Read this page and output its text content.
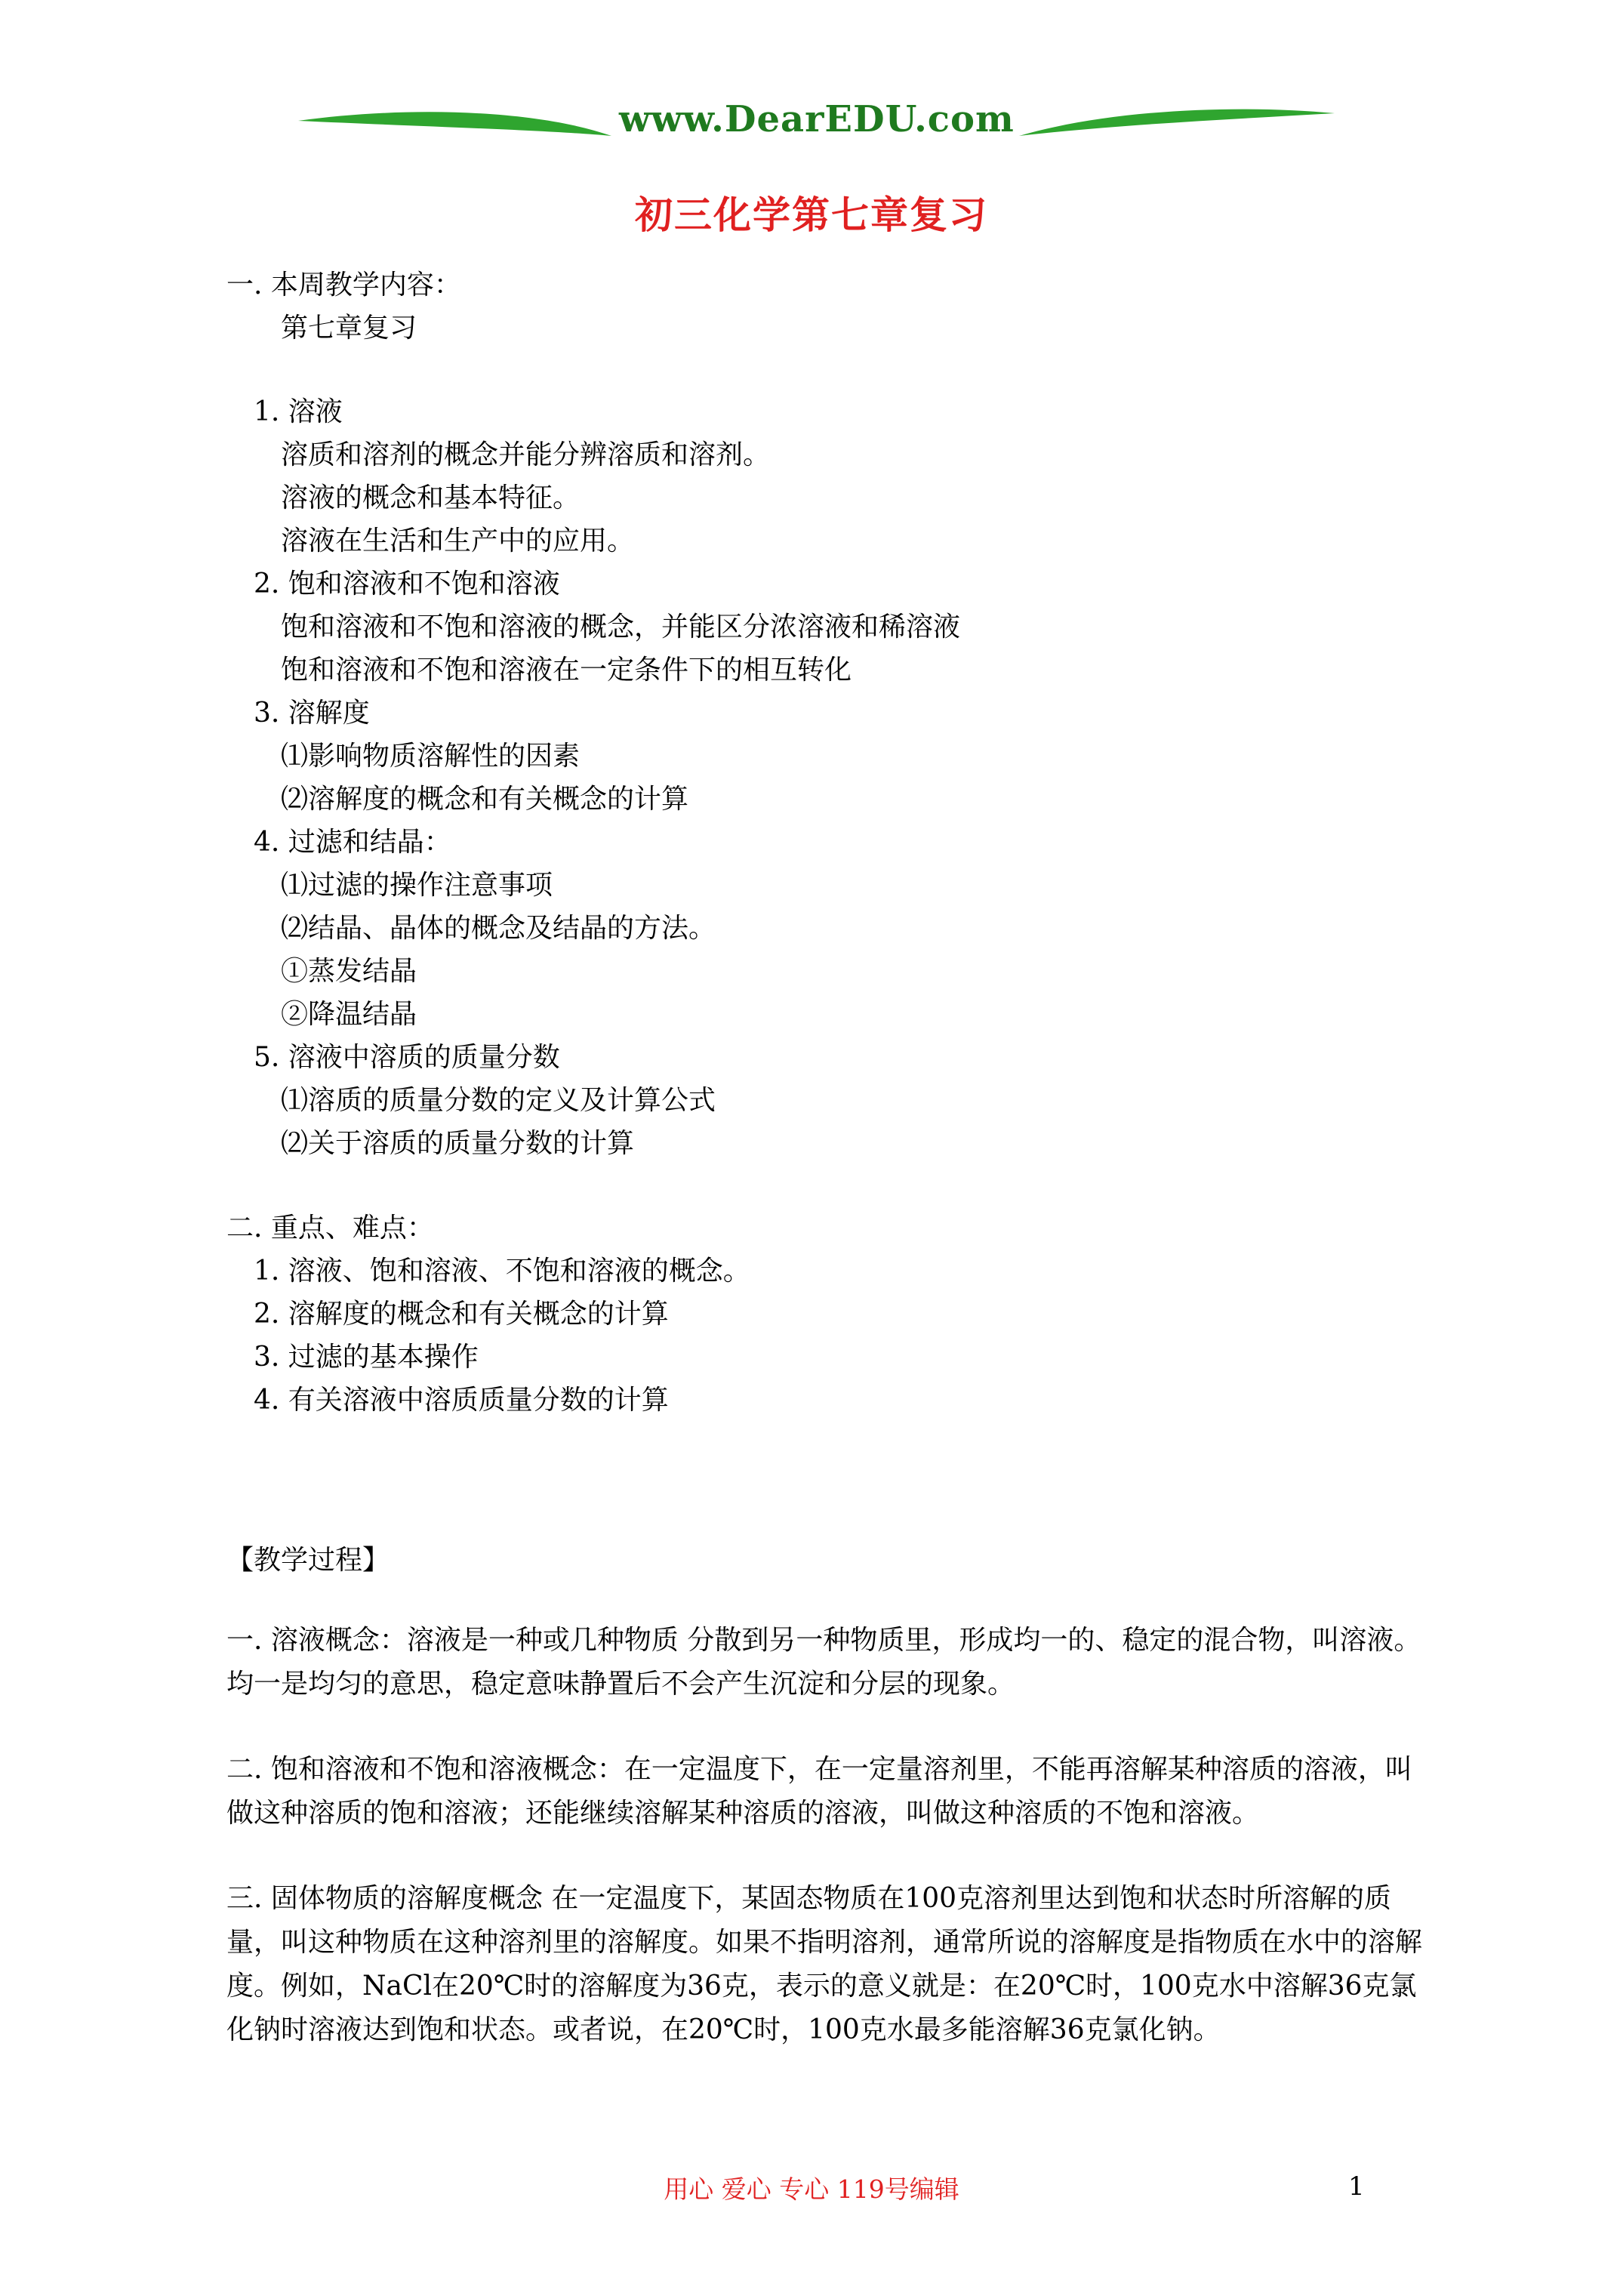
www.DearEDU.com
初三化学第七章复习
一. 本周教学内容：
第七章复习
1. 溶液
溶质和溶剂的概念并能分辨溶质和溶剂。
溶液的概念和基本特征。
溶液在生活和生产中的应用。
2. 饱和溶液和不饱和溶液
饱和溶液和不饱和溶液的概念，并能区分浓溶液和稀溶液
饱和溶液和不饱和溶液在一定条件下的相互转化
3. 溶解度
⑴影响物质溶解性的因素
⑵溶解度的概念和有关概念的计算
4. 过滤和结晶：
⑴过滤的操作注意事项
⑵结晶、晶体的概念及结晶的方法。
①蒸发结晶
②降温结晶
5. 溶液中溶质的质量分数
⑴溶质的质量分数的定义及计算公式
⑵关于溶质的质量分数的计算
二. 重点、难点：
1. 溶液、饱和溶液、不饱和溶液的概念。
2. 溶解度的概念和有关概念的计算
3. 过滤的基本操作
4. 有关溶液中溶质质量分数的计算
【教学过程】
一. 溶液概念：溶液是一种或几种物质 分散到另一种物质里，形成均一的、稳定的混合物，叫溶液。均一是均匀的意思，稳定意味静置后不会产生沉淀和分层的现象。
二. 饱和溶液和不饱和溶液概念：在一定温度下，在一定量溶剂里，不能再溶解某种溶质的溶液，叫做这种溶质的饱和溶液；还能继续溶解某种溶质的溶液，叫做这种溶质的不饱和溶液。
三. 固体物质的溶解度概念 在一定温度下，某固态物质在100克溶剂里达到饱和状态时所溶解的质量，叫这种物质在这种溶剂里的溶解度。如果不指明溶剂，通常所说的溶解度是指物质在水中的溶解度。例如，NaCl在20℃时的溶解度为36克，表示的意义就是：在20℃时，100克水中溶解36克氯化钠时溶液达到饱和状态。或者说，在20℃时，100克水最多能溶解36克氯化钠。
用心 爱心 专心 119号编辑	1
